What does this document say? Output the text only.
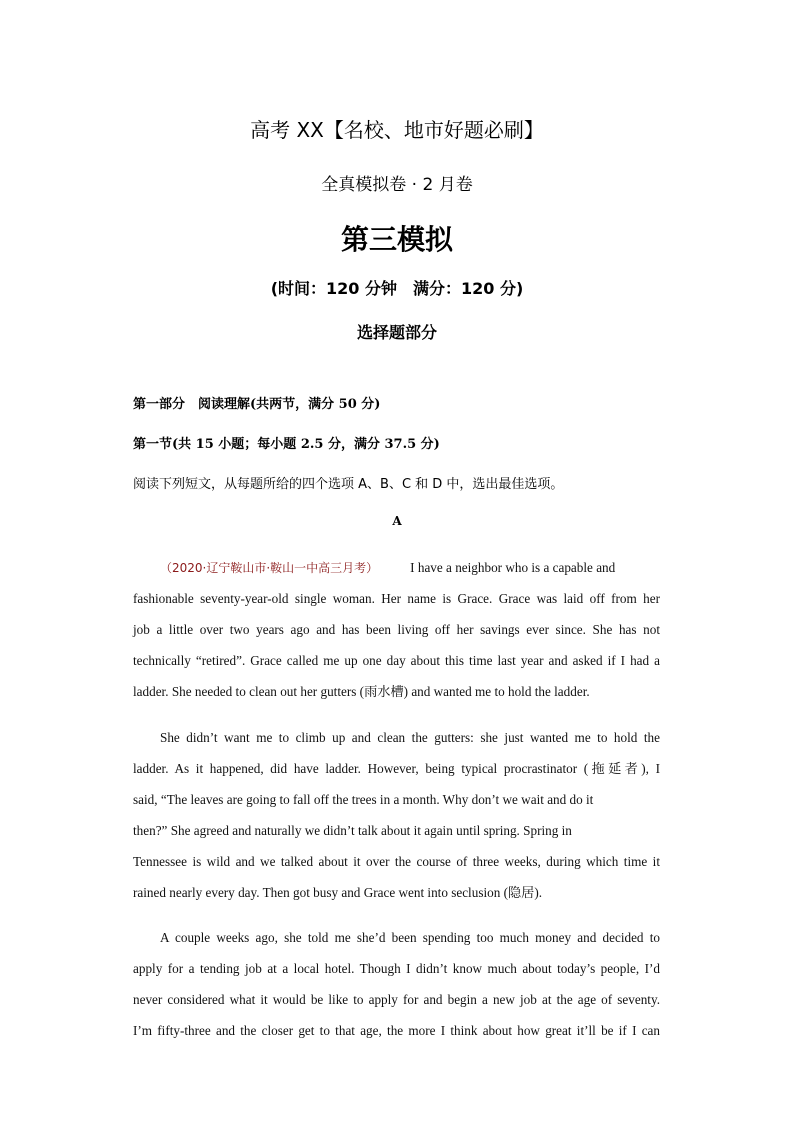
高考 XX【名校、地市好题必刷】
全真模拟卷 · 2 月卷
第三模拟
(时间：120 分钟　满分：120 分)
选择题部分
第一部分　阅读理解(共两节，满分 50 分)
第一节(共 15 小题；每小题 2.5 分，满分 37.5 分)
阅读下列短文，从每题所给的四个选项 A、B、C 和 D 中，选出最佳选项。
A
（2020·辽宁鞍山市·鞍山一中高三月考） I have a neighbor who is a capable and
fashionable seventy-year-old single woman. Her name is Grace. Grace was laid off from her
job a little over two years ago and has been living off her savings ever since. She has not
technically “retired”. Grace called me up one day about this time last year and asked if I had a
ladder. She needed to clean out her gutters (雨水槽) and wanted me to hold the ladder.
She didn’t want me to climb up and clean the gutters: she just wanted me to hold the
ladder. As it happened, did have ladder. However, being typical procrastinator (拖延者), I
said, “The leaves are going to fall off the trees in a month. Why don’t we wait and do it
then?” She agreed and naturally we didn’t talk about it again until spring. Spring in
Tennessee is wild and we talked about it over the course of three weeks, during which time it
rained nearly every day. Then got busy and Grace went into seclusion (隐居).
A couple weeks ago, she told me she’d been spending too much money and decided to
apply for a tending job at a local hotel. Though I didn’t know much about today’s people, I’d
never considered what it would be like to apply for and begin a new job at the age of seventy.
I’m fifty-three and the closer get to that age, the more I think about how great it’ll be if I can
